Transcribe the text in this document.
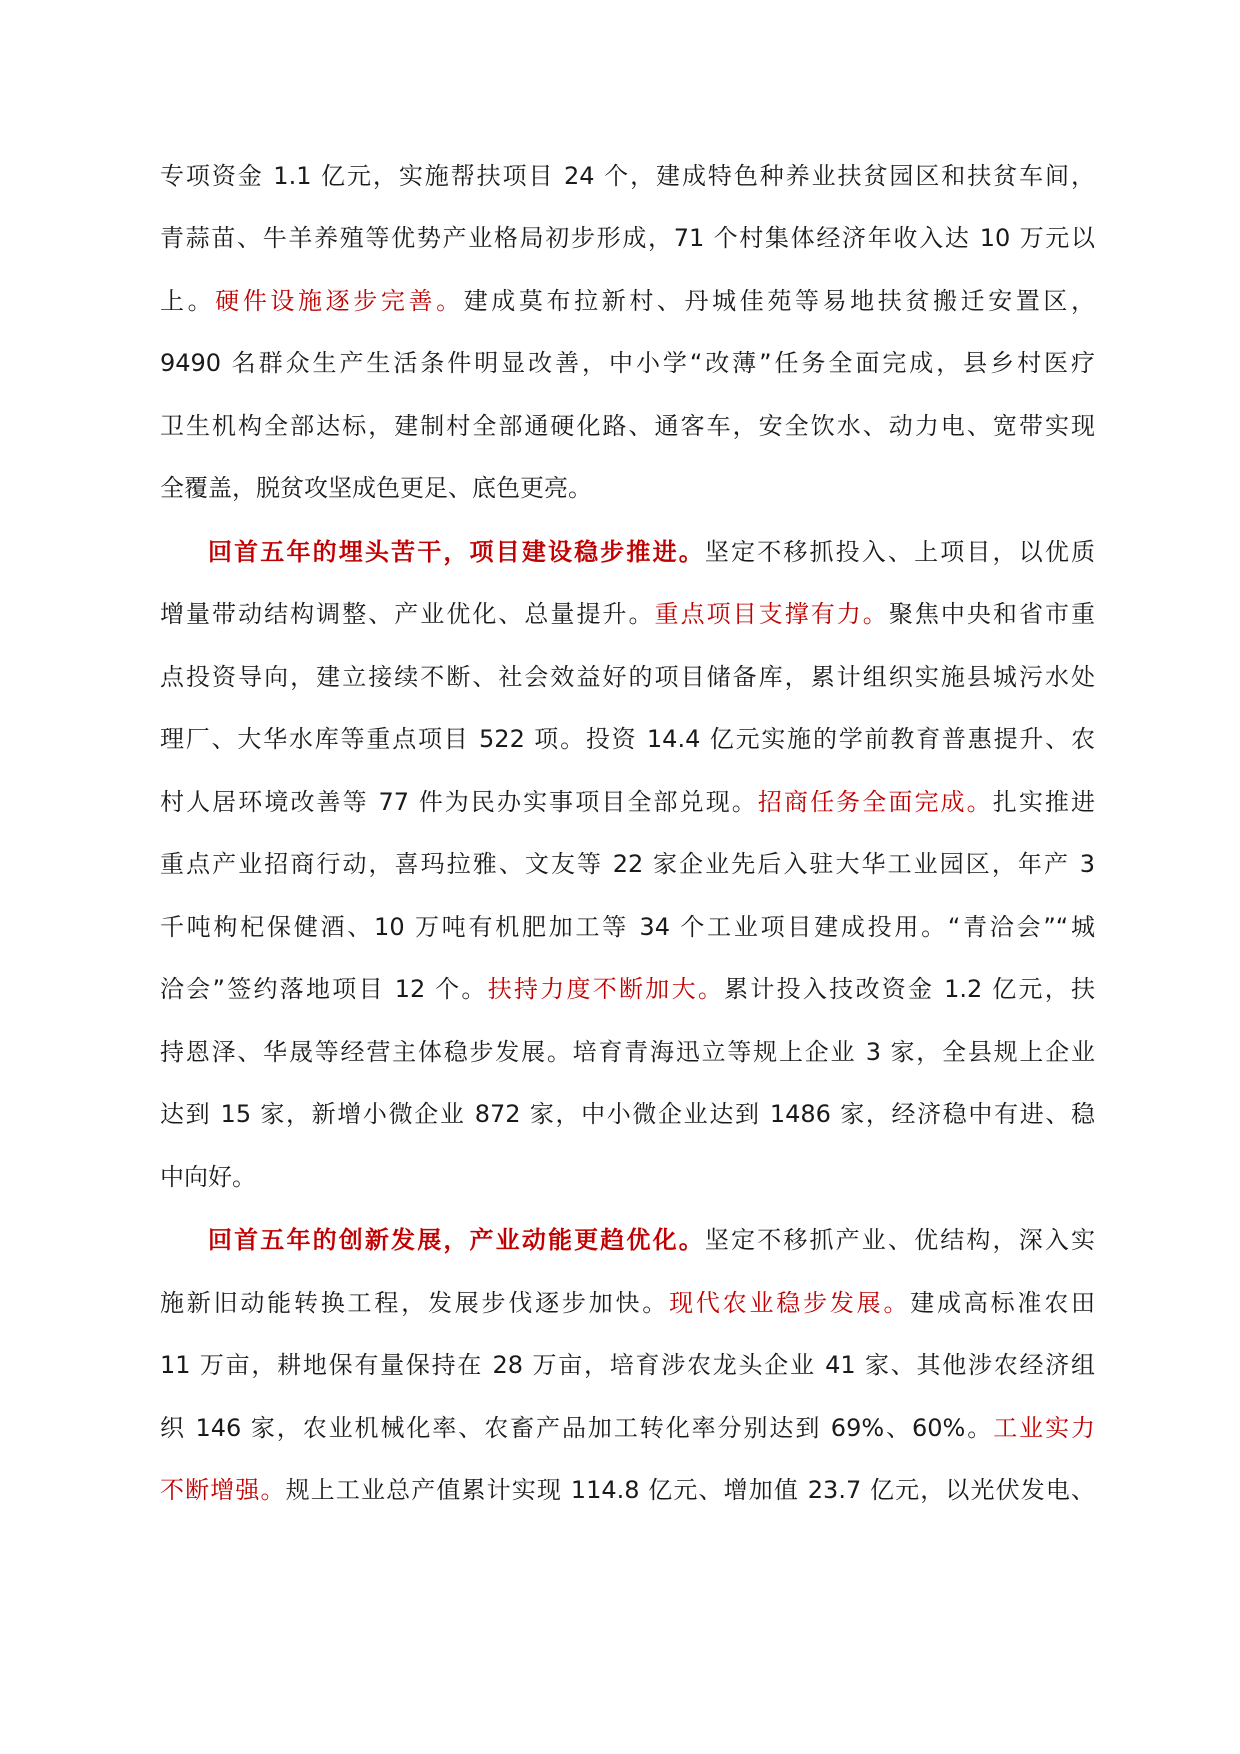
专项资金 1.1 亿元，实施帮扶项目 24 个，建成特色种养业扶贫园区和扶贫车间，
青蒜苗、牛羊养殖等优势产业格局初步形成，71 个村集体经济年收入达 10 万元以
上。硬件设施逐步完善。建成莫布拉新村、丹城佳苑等易地扶贫搬迁安置区，
9490 名群众生产生活条件明显改善，中小学“改薄”任务全面完成，县乡村医疗
卫生机构全部达标，建制村全部通硬化路、通客车，安全饮水、动力电、宽带实现
全覆盖，脱贫攻坚成色更足、底色更亮。
回首五年的埋头苦干，项目建设稳步推进。坚定不移抓投入、上项目，以优质
增量带动结构调整、产业优化、总量提升。重点项目支撑有力。聚焦中央和省市重
点投资导向，建立接续不断、社会效益好的项目储备库，累计组织实施县城污水处
理厂、大华水库等重点项目 522 项。投资 14.4 亿元实施的学前教育普惠提升、农
村人居环境改善等 77 件为民办实事项目全部兑现。招商任务全面完成。扎实推进
重点产业招商行动，喜玛拉雅、文友等 22 家企业先后入驻大华工业园区，年产 3
千吨枸杞保健酒、10 万吨有机肥加工等 34 个工业项目建成投用。“青洽会”“城
洽会”签约落地项目 12 个。扶持力度不断加大。累计投入技改资金 1.2 亿元，扶
持恩泽、华晟等经营主体稳步发展。培育青海迅立等规上企业 3 家，全县规上企业
达到 15 家，新增小微企业 872 家，中小微企业达到 1486 家，经济稳中有进、稳
中向好。
回首五年的创新发展，产业动能更趋优化。坚定不移抓产业、优结构，深入实
施新旧动能转换工程，发展步伐逐步加快。现代农业稳步发展。建成高标准农田
11 万亩，耕地保有量保持在 28 万亩，培育涉农龙头企业 41 家、其他涉农经济组
织 146 家，农业机械化率、农畜产品加工转化率分别达到 69%、60%。工业实力
不断增强。规上工业总产值累计实现 114.8 亿元、增加值 23.7 亿元，以光伏发电、
